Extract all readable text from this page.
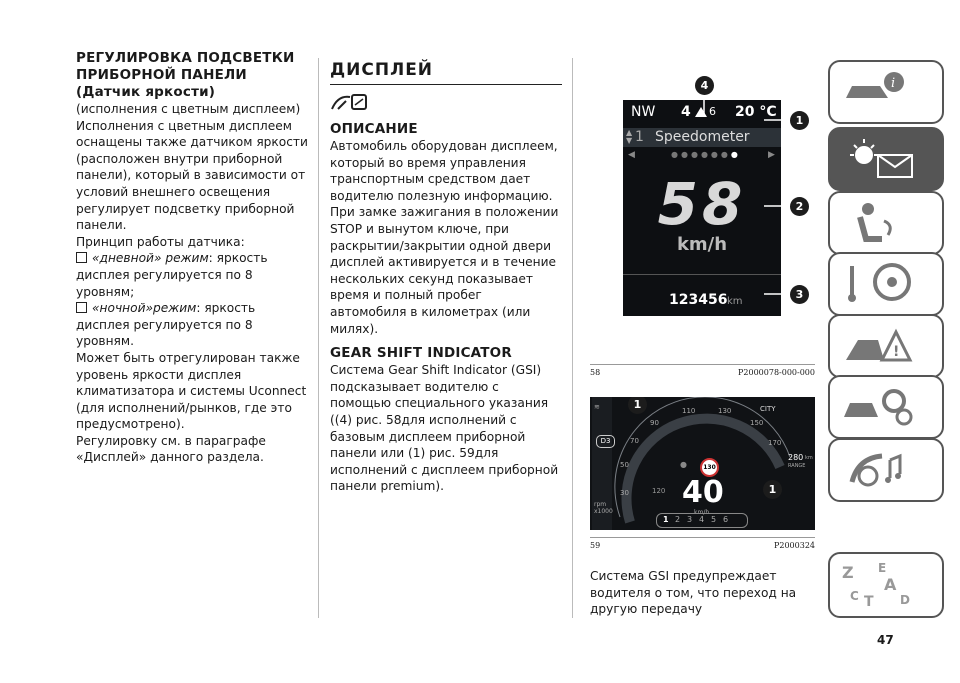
РЕГУЛИРОВКА ПОДСВЕТКИ ПРИБОРНОЙ ПАНЕЛИ (Датчик яркости)

(исполнения с цветным дисплеем)

Исполнения с цветным дисплеем оснащены также датчиком яркости (расположен внутри приборной панели), который в зависимости от условий внешнего освещения регулирует подсветку приборной панели.

Принцип работы датчика:

«дневной» режим: яркость дисплея регулируется по 8 уровням;

«ночной»режим: яркость дисплея регулируется по 8 уровням.

Может быть отрегулирован также уровень яркости дисплея климатизатора и системы Uconnect (для исполнений/рынков, где это предусмотрено).

Регулировку см. в параграфе «Дисплей» данного раздела.

ДИСПЛЕЙ
ОПИСАНИЕ

Автомобиль оборудован дисплеем, который во время управления транспортным средством дает водителю полезную информацию. При замке зажигания в положении STOP и вынутом ключе, при раскрытии/закрытии одной двери дисплей активируется и в течение нескольких секунд показывает время и полный пробег автомобиля в километрах (или милях).

GEAR SHIFT INDICATOR

Система Gear Shift Indicator (GSI) подсказывает водителю с помощью специального указания ((4) рис. 58для исполнений с базовым дисплеем приборной панели или (1) рис. 59для исполнений с дисплеем приборной панели premium).

NW 4 6 20 °C
▲
▼ 1 Speedometer
◀	▶
●●●●●●●
58
km/h
123456 km
4
1
2
3
58	P2000078-000-000
≋
D3
rpm
x1000
90
110	130
150
170
70
50
30
●	130
120 40
km/h
CITY
280 km
RANGE
1 2 3 4 5 6
1
1
59	P2000324

Система GSI предупреждает водителя о том, что переход на другую передачу

i
!
Z E
A
C T D
47
